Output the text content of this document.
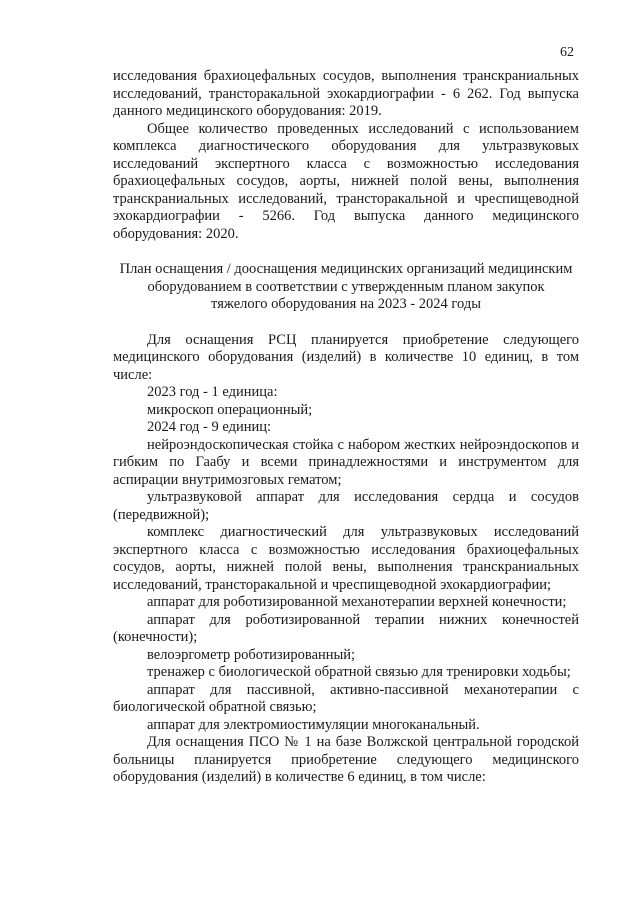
62

исследования брахиоцефальных сосудов, выполнения транскраниальных исследований, трансторакальной эхокардиографии - 6 262. Год выпуска данного медицинского оборудования: 2019.

Общее количество проведенных исследований с использованием комплекса диагностического оборудования для ультразвуковых исследований экспертного класса с возможностью исследования брахиоцефальных сосудов, аорты, нижней полой вены, выполнения транскраниальных исследований, трансторакальной и чреспищеводной эхокардиографии - 5266. Год выпуска данного медицинского оборудования: 2020.

План оснащения / дооснащения медицинских организаций медицинским
оборудованием в соответствии с утвержденным планом закупок
тяжелого оборудования на 2023 - 2024 годы

Для оснащения РСЦ планируется приобретение следующего медицинского оборудования (изделий) в количестве 10 единиц, в том числе:

2023 год - 1 единица:

микроскоп операционный;

2024 год - 9 единиц:

нейроэндоскопическая стойка с набором жестких нейроэндоскопов и гибким по Гаабу и всеми принадлежностями и инструментом для аспирации внутримозговых гематом;

ультразвуковой аппарат для исследования сердца и сосудов (передвижной);

комплекс диагностический для ультразвуковых исследований экспертного класса с возможностью исследования брахиоцефальных сосудов, аорты, нижней полой вены, выполнения транскраниальных исследований, трансторакальной и чреспищеводной эхокардиографии;

аппарат для роботизированной механотерапии верхней конечности;

аппарат для роботизированной терапии нижних конечностей (конечности);

велоэргометр роботизированный;

тренажер с биологической обратной связью для тренировки ходьбы;

аппарат для пассивной, активно-пассивной механотерапии с биологической обратной связью;

аппарат для электромиостимуляции многоканальный.

Для оснащения ПСО № 1 на базе Волжской центральной городской больницы планируется приобретение следующего медицинского оборудования (изделий) в количестве 6 единиц, в том числе:
